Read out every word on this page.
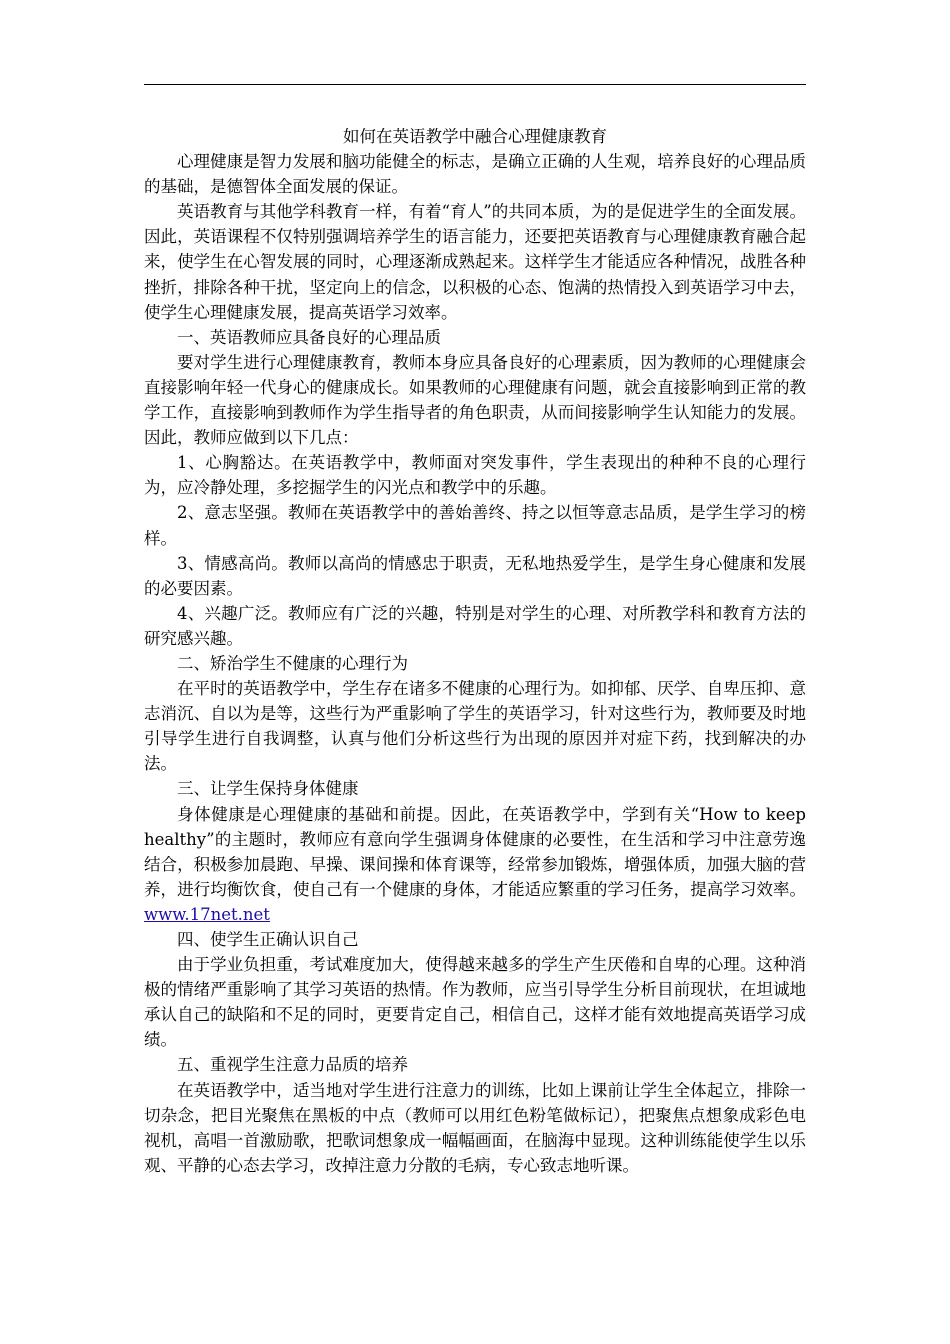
如何在英语教学中融合心理健康教育

心理健康是智力发展和脑功能健全的标志，是确立正确的人生观，培养良好的心理品质的基础，是德智体全面发展的保证。

英语教育与其他学科教育一样，有着“育人”的共同本质，为的是促进学生的全面发展。因此，英语课程不仅特别强调培养学生的语言能力，还要把英语教育与心理健康教育融合起来，使学生在心智发展的同时，心理逐渐成熟起来。这样学生才能适应各种情况，战胜各种挫折，排除各种干扰，坚定向上的信念，以积极的心态、饱满的热情投入到英语学习中去，使学生心理健康发展，提高英语学习效率。

一、英语教师应具备良好的心理品质

要对学生进行心理健康教育，教师本身应具备良好的心理素质，因为教师的心理健康会直接影响年轻一代身心的健康成长。如果教师的心理健康有问题，就会直接影响到正常的教学工作，直接影响到教师作为学生指导者的角色职责，从而间接影响学生认知能力的发展。因此，教师应做到以下几点：

1、心胸豁达。在英语教学中，教师面对突发事件，学生表现出的种种不良的心理行为，应冷静处理，多挖掘学生的闪光点和教学中的乐趣。

2、意志坚强。教师在英语教学中的善始善终、持之以恒等意志品质，是学生学习的榜样。

3、情感高尚。教师以高尚的情感忠于职责，无私地热爱学生，是学生身心健康和发展的必要因素。

4、兴趣广泛。教师应有广泛的兴趣，特别是对学生的心理、对所教学科和教育方法的研究感兴趣。

二、矫治学生不健康的心理行为

在平时的英语教学中，学生存在诸多不健康的心理行为。如抑郁、厌学、自卑压抑、意志消沉、自以为是等，这些行为严重影响了学生的英语学习，针对这些行为，教师要及时地引导学生进行自我调整，认真与他们分析这些行为出现的原因并对症下药，找到解决的办法。

三、让学生保持身体健康

身体健康是心理健康的基础和前提。因此，在英语教学中，学到有关“How to keep healthy”的主题时，教师应有意向学生强调身体健康的必要性，在生活和学习中注意劳逸结合，积极参加晨跑、早操、课间操和体育课等，经常参加锻炼，增强体质，加强大脑的营养，进行均衡饮食，使自己有一个健康的身体，才能适应繁重的学习任务，提高学习效率。www.17net.net

四、使学生正确认识自己

由于学业负担重，考试难度加大，使得越来越多的学生产生厌倦和自卑的心理。这种消极的情绪严重影响了其学习英语的热情。作为教师，应当引导学生分析目前现状，在坦诚地承认自己的缺陷和不足的同时，更要肯定自己，相信自己，这样才能有效地提高英语学习成绩。

五、重视学生注意力品质的培养

在英语教学中，适当地对学生进行注意力的训练，比如上课前让学生全体起立，排除一切杂念，把目光聚焦在黑板的中点（教师可以用红色粉笔做标记），把聚焦点想象成彩色电视机，高唱一首激励歌，把歌词想象成一幅幅画面，在脑海中显现。这种训练能使学生以乐观、平静的心态去学习，改掉注意力分散的毛病，专心致志地听课。
